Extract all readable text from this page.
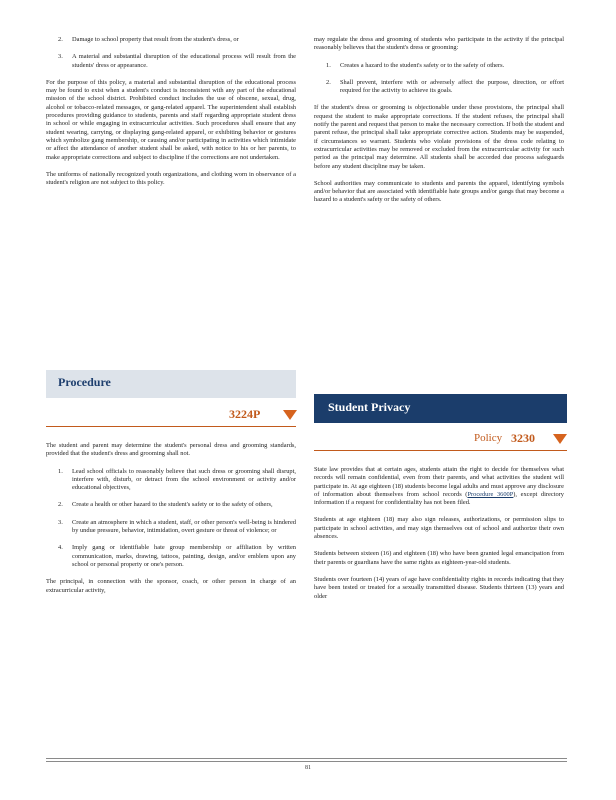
2. Damage to school property that result from the student's dress, or
3. A material and substantial disruption of the educational process will result from the students' dress or appearance.

For the purpose of this policy, a material and substantial disruption of the educational process may be found to exist when a student's conduct is inconsistent with any part of the educational mission of the school district. Prohibited conduct includes the use of obscene, sexual, drug, alcohol or tobacco-related messages, or gang-related apparel. The superintendent shall establish procedures providing guidance to students, parents and staff regarding appropriate student dress in school or while engaging in extracurricular activities. Such procedures shall ensure that any student wearing, carrying, or displaying gang-related apparel, or exhibiting behavior or gestures which symbolize gang membership, or causing and/or participating in activities which intimidate or affect the attendance of another student shall be asked, with notice to his or her parents, to make appropriate corrections and subject to discipline if the corrections are not undertaken.

The uniforms of nationally recognized youth organizations, and clothing worn in observance of a student's religion are not subject to this policy.

Procedure
3224P

The student and parent may determine the student's personal dress and grooming standards, provided that the student's dress and grooming shall not.

1. Lead school officials to reasonably believe that such dress or grooming shall disrupt, interfere with, disturb, or detract from the school environment or activity and/or educational objectives,
2. Create a health or other hazard to the student's safety or to the safety of others,
3. Create an atmosphere in which a student, staff, or other person's well-being is hindered by undue pressure, behavior, intimidation, overt gesture or threat of violence; or
4. Imply gang or identifiable hate group membership or affiliation by written communication, marks, drawing, tattoos, painting, design, and/or emblem upon any school or personal property or one's person.

The principal, in connection with the sponsor, coach, or other person in charge of an extracurricular activity,

may regulate the dress and grooming of students who participate in the activity if the principal reasonably believes that the student's dress or grooming:

1. Creates a hazard to the student's safety or to the safety of others.
2. Shall prevent, interfere with or adversely affect the purpose, direction, or effort required for the activity to achieve its goals.

If the student's dress or grooming is objectionable under these provisions, the principal shall request the student to make appropriate corrections. If the student refuses, the principal shall notify the parent and request that person to make the necessary correction. If both the student and parent refuse, the principal shall take appropriate corrective action. Students may be suspended, if circumstances so warrant. Students who violate provisions of the dress code relating to extracurricular activities may be removed or excluded from the extracurricular activity for such period as the principal may determine. All students shall be accorded due process safeguards before any student discipline may be taken.

School authorities may communicate to students and parents the apparel, identifying symbols and/or behavior that are associated with identifiable hate groups and/or gangs that may become a hazard to a student's safety or the safety of others.

Student Privacy
Policy 3230

State law provides that at certain ages, students attain the right to decide for themselves what records will remain confidential, even from their parents, and what activities the student will participate in. At age eighteen (18) students become legal adults and must approve any disclosure of information about themselves from school records (Procedure 3600P), except directory information if a request for confidentiality has not been filed.

Students at age eighteen (18) may also sign releases, authorizations, or permission slips to participate in school activities, and may sign themselves out of school and authorize their own absences.

Students between sixteen (16) and eighteen (18) who have been granted legal emancipation from their parents or guardians have the same rights as eighteen-year-old students.

Students over fourteen (14) years of age have confidentiality rights in records indicating that they have been tested or treated for a sexually transmitted disease. Students thirteen (13) years and older

81
